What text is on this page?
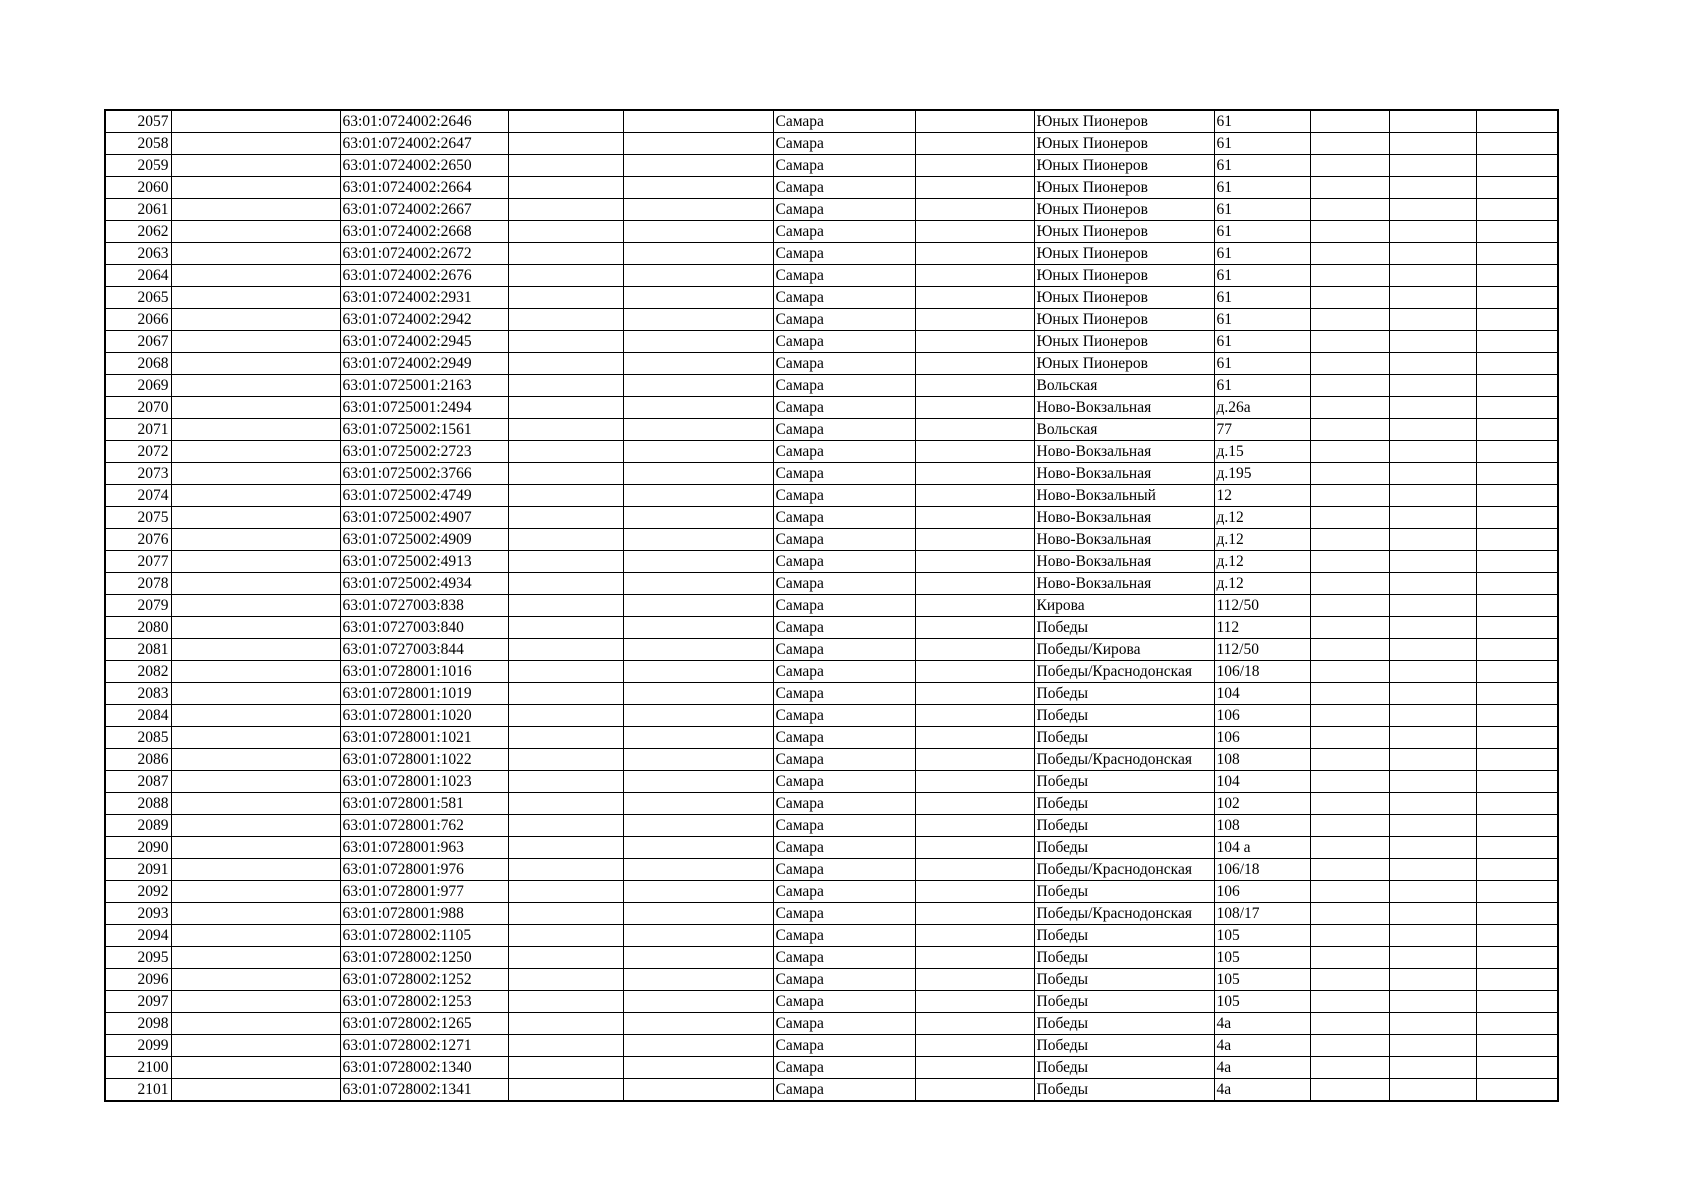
2057		63:01:0724002:2646			Самара		Юных Пионеров	61			
2058		63:01:0724002:2647			Самара		Юных Пионеров	61			
2059		63:01:0724002:2650			Самара		Юных Пионеров	61			
2060		63:01:0724002:2664			Самара		Юных Пионеров	61			
2061		63:01:0724002:2667			Самара		Юных Пионеров	61			
2062		63:01:0724002:2668			Самара		Юных Пионеров	61			
2063		63:01:0724002:2672			Самара		Юных Пионеров	61			
2064		63:01:0724002:2676			Самара		Юных Пионеров	61			
2065		63:01:0724002:2931			Самара		Юных Пионеров	61			
2066		63:01:0724002:2942			Самара		Юных Пионеров	61			
2067		63:01:0724002:2945			Самара		Юных Пионеров	61			
2068		63:01:0724002:2949			Самара		Юных Пионеров	61			
2069		63:01:0725001:2163			Самара		Вольская	61			
2070		63:01:0725001:2494			Самара		Ново-Вокзальная	д.26а			
2071		63:01:0725002:1561			Самара		Вольская	77			
2072		63:01:0725002:2723			Самара		Ново-Вокзальная	д.15			
2073		63:01:0725002:3766			Самара		Ново-Вокзальная	д.195			
2074		63:01:0725002:4749			Самара		Ново-Вокзальный	12			
2075		63:01:0725002:4907			Самара		Ново-Вокзальная	д.12			
2076		63:01:0725002:4909			Самара		Ново-Вокзальная	д.12			
2077		63:01:0725002:4913			Самара		Ново-Вокзальная	д.12			
2078		63:01:0725002:4934			Самара		Ново-Вокзальная	д.12			
2079		63:01:0727003:838			Самара		Кирова	112/50			
2080		63:01:0727003:840			Самара		Победы	112			
2081		63:01:0727003:844			Самара		Победы/Кирова	112/50			
2082		63:01:0728001:1016			Самара		Победы/Краснодонская	106/18			
2083		63:01:0728001:1019			Самара		Победы	104			
2084		63:01:0728001:1020			Самара		Победы	106			
2085		63:01:0728001:1021			Самара		Победы	106			
2086		63:01:0728001:1022			Самара		Победы/Краснодонская	108			
2087		63:01:0728001:1023			Самара		Победы	104			
2088		63:01:0728001:581			Самара		Победы	102			
2089		63:01:0728001:762			Самара		Победы	108			
2090		63:01:0728001:963			Самара		Победы	104 а			
2091		63:01:0728001:976			Самара		Победы/Краснодонская	106/18			
2092		63:01:0728001:977			Самара		Победы	106			
2093		63:01:0728001:988			Самара		Победы/Краснодонская	108/17			
2094		63:01:0728002:1105			Самара		Победы	105			
2095		63:01:0728002:1250			Самара		Победы	105			
2096		63:01:0728002:1252			Самара		Победы	105			
2097		63:01:0728002:1253			Самара		Победы	105			
2098		63:01:0728002:1265			Самара		Победы	4а			
2099		63:01:0728002:1271			Самара		Победы	4а			
2100		63:01:0728002:1340			Самара		Победы	4а			
2101		63:01:0728002:1341			Самара		Победы	4а			
